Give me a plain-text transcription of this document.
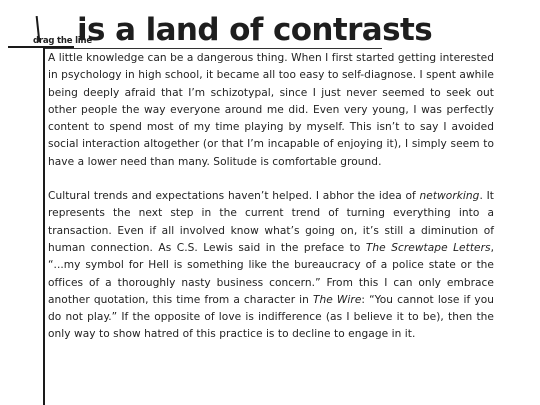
drag the line
is a land of contrasts

A little knowledge can be a dangerous thing. When I first started getting interested in psychology in high school, it became all too easy to self-diagnose. I spent awhile being deeply afraid that I’m schizotypal, since I just never seemed to seek out other people the way everyone around me did. Even very young, I was perfectly content to spend most of my time playing by myself. This isn’t to say I avoided social interaction altogether (or that I’m incapable of enjoying it), I simply seem to have a lower need than many. Solitude is comfortable ground.

Cultural trends and expectations haven’t helped. I abhor the idea of networking. It represents the next step in the current trend of turning everything into a transaction. Even if all involved know what’s going on, it’s still a diminution of human connection. As C.S. Lewis said in the preface to The Screwtape Letters, “...my symbol for Hell is something like the bureaucracy of a police state or the offices of a thoroughly nasty business concern.” From this I can only embrace another quotation, this time from a character in The Wire: “You cannot lose if you do not play.” If the opposite of love is indifference (as I believe it to be), then the only way to show hatred of this practice is to decline to engage in it.
